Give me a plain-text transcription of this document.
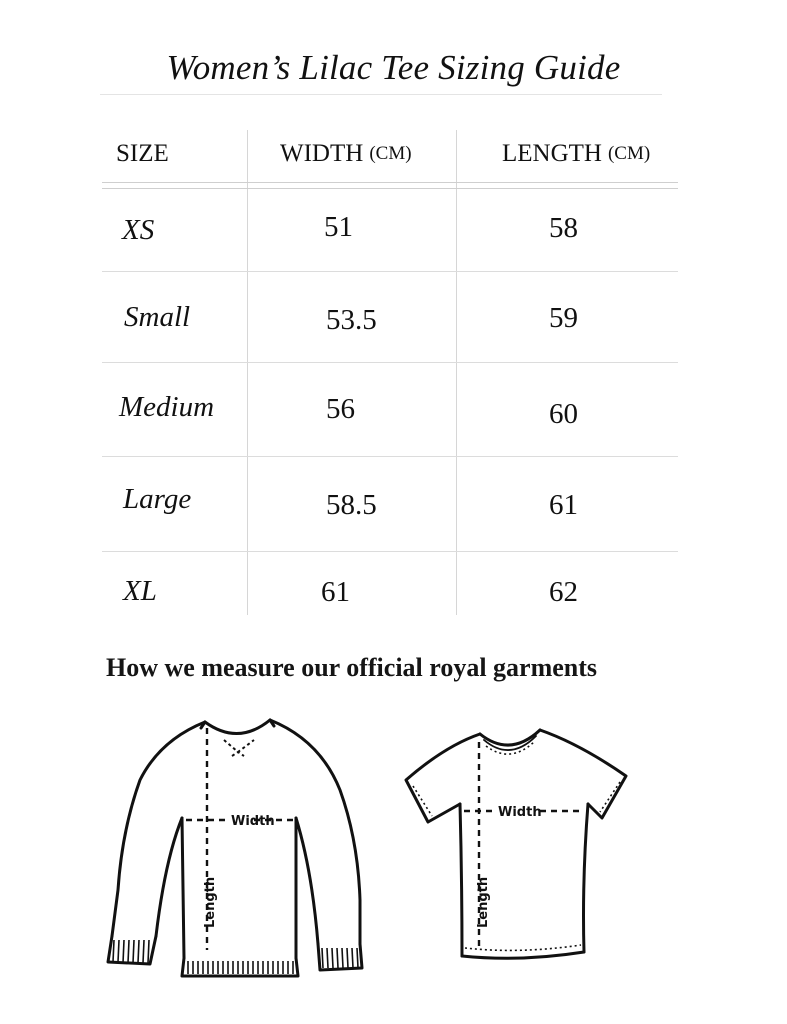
Women’s Lilac Tee Sizing Guide
SIZE	WIDTH (CM)	LENGTH (CM)
XS	51	58
Small	53.5	59
Medium	56	60
Large	58.5	61
XL	61	62
How we measure our official royal garments
Width
Length
Width
Length
